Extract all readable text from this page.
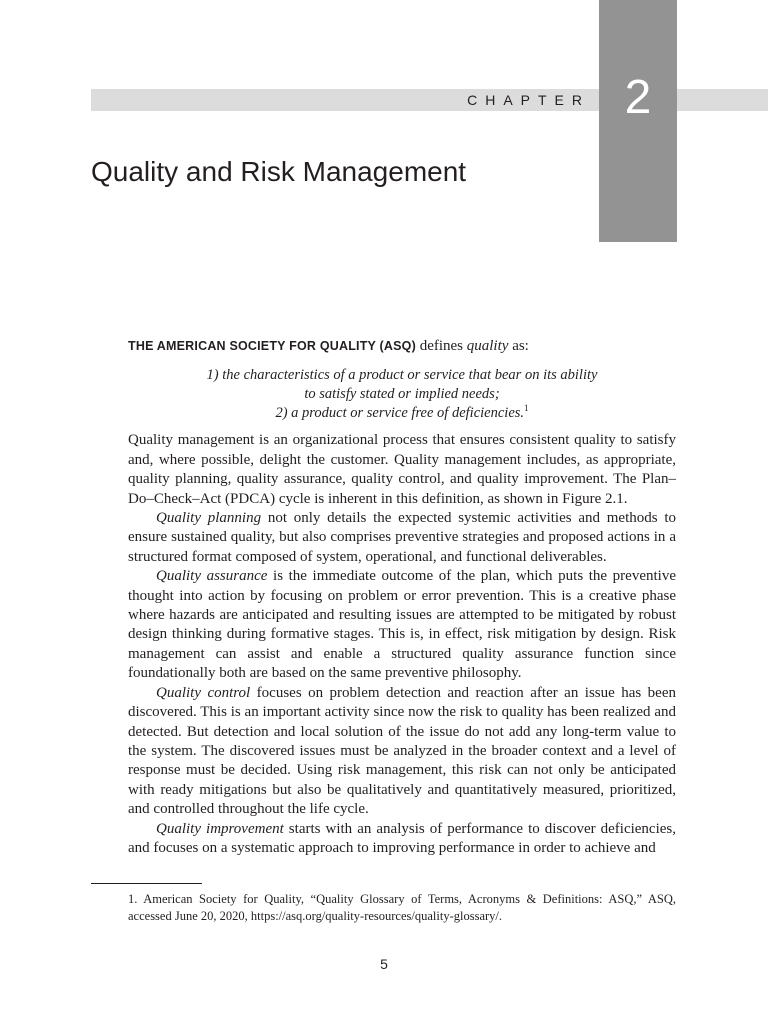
CHAPTER 2
Quality and Risk Management

THE AMERICAN SOCIETY FOR QUALITY (ASQ) defines quality as:

1) the characteristics of a product or service that bear on its ability
to satisfy stated or implied needs;
2) a product or service free of deficiencies.$^1$

Quality management is an organizational process that ensures consistent quality to satisfy and, where possible, delight the customer. Quality management includes, as appropriate, quality planning, quality assurance, quality control, and quality improvement. The Plan–Do–Check–Act (PDCA) cycle is inherent in this definition, as shown in Figure 2.1.

Quality planning not only details the expected systemic activities and methods to ensure sustained quality, but also comprises preventive strategies and proposed actions in a structured format composed of system, operational, and functional deliverables.

Quality assurance is the immediate outcome of the plan, which puts the preventive thought into action by focusing on problem or error prevention. This is a creative phase where hazards are anticipated and resulting issues are attempted to be mitigated by robust design thinking during formative stages. This is, in effect, risk mitigation by design. Risk management can assist and enable a structured quality assurance function since foundationally both are based on the same preventive philosophy.

Quality control focuses on problem detection and reaction after an issue has been discovered. This is an important activity since now the risk to quality has been realized and detected. But detection and local solution of the issue do not add any long-term value to the system. The discovered issues must be analyzed in the broader context and a level of response must be decided. Using risk management, this risk can not only be anticipated with ready mitigations but also be qualitatively and quantitatively measured, prioritized, and controlled throughout the life cycle.

Quality improvement starts with an analysis of performance to discover deficiencies, and focuses on a systematic approach to improving performance in order to achieve and

1. American Society for Quality, “Quality Glossary of Terms, Acronyms & Definitions: ASQ,” ASQ, accessed June 20, 2020, https://asq.org/quality-resources/quality-glossary/.

5
